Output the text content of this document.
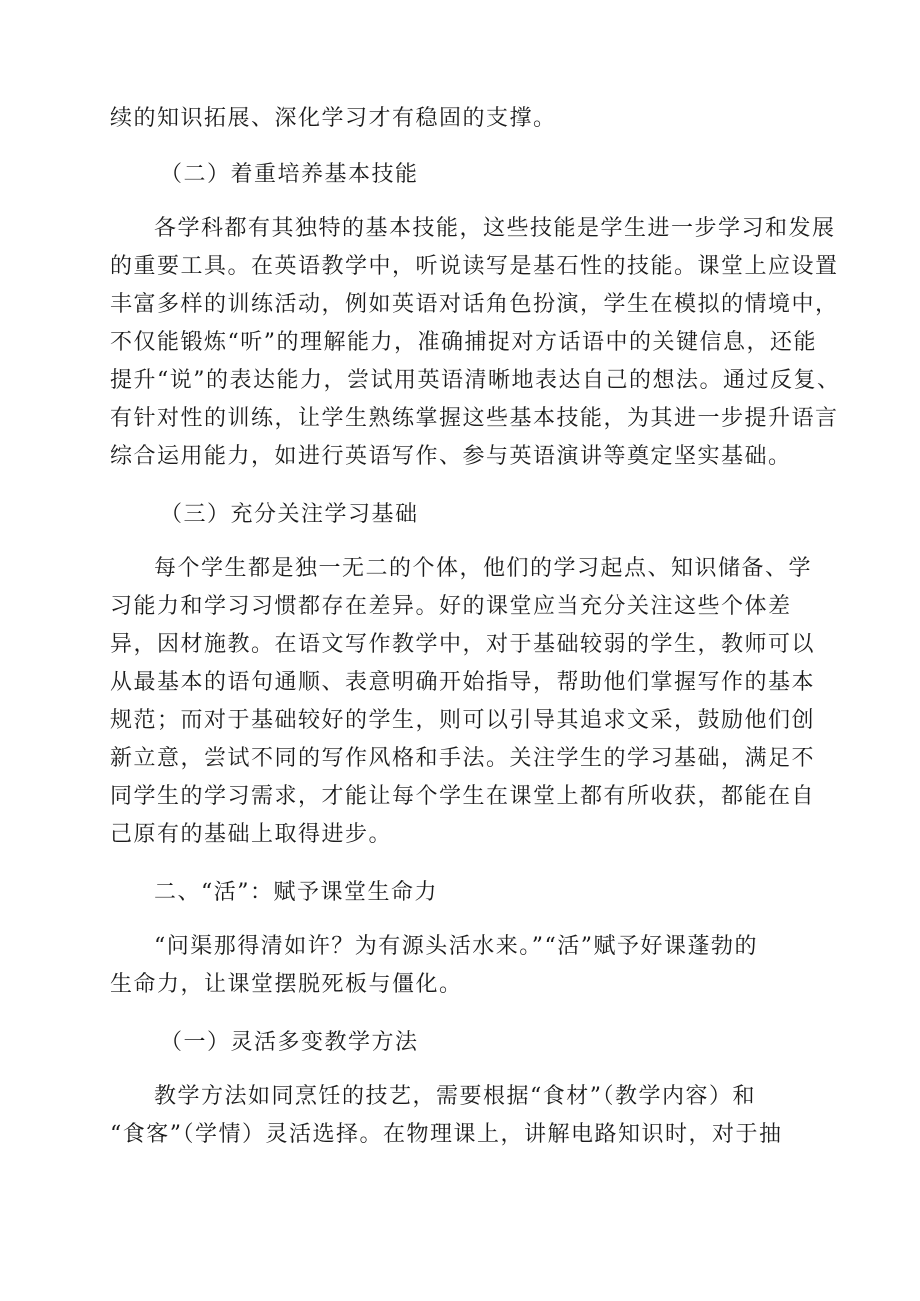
续的知识拓展、深化学习才有稳固的支撑。
（二）着重培养基本技能
各学科都有其独特的基本技能，这些技能是学生进一步学习和发展
的重要工具。在英语教学中，听说读写是基石性的技能。课堂上应设置
丰富多样的训练活动，例如英语对话角色扮演，学生在模拟的情境中，
不仅能锻炼“听”的理解能力，准确捕捉对方话语中的关键信息，还能
提升“说”的表达能力，尝试用英语清晰地表达自己的想法。通过反复、
有针对性的训练，让学生熟练掌握这些基本技能，为其进一步提升语言
综合运用能力，如进行英语写作、参与英语演讲等奠定坚实基础。
（三）充分关注学习基础
每个学生都是独一无二的个体，他们的学习起点、知识储备、学
习能力和学习习惯都存在差异。好的课堂应当充分关注这些个体差
异，因材施教。在语文写作教学中，对于基础较弱的学生，教师可以
从最基本的语句通顺、表意明确开始指导，帮助他们掌握写作的基本
规范；而对于基础较好的学生，则可以引导其追求文采，鼓励他们创
新立意，尝试不同的写作风格和手法。关注学生的学习基础，满足不
同学生的学习需求，才能让每个学生在课堂上都有所收获，都能在自
己原有的基础上取得进步。
二、“活”：赋予课堂生命力
“问渠那得清如许？为有源头活水来。”“活”赋予好课蓬勃的
生命力，让课堂摆脱死板与僵化。
（一）灵活多变教学方法
教学方法如同烹饪的技艺，需要根据“食材”（教学内容）和
“食客”（学情）灵活选择。在物理课上，讲解电路知识时，对于抽
